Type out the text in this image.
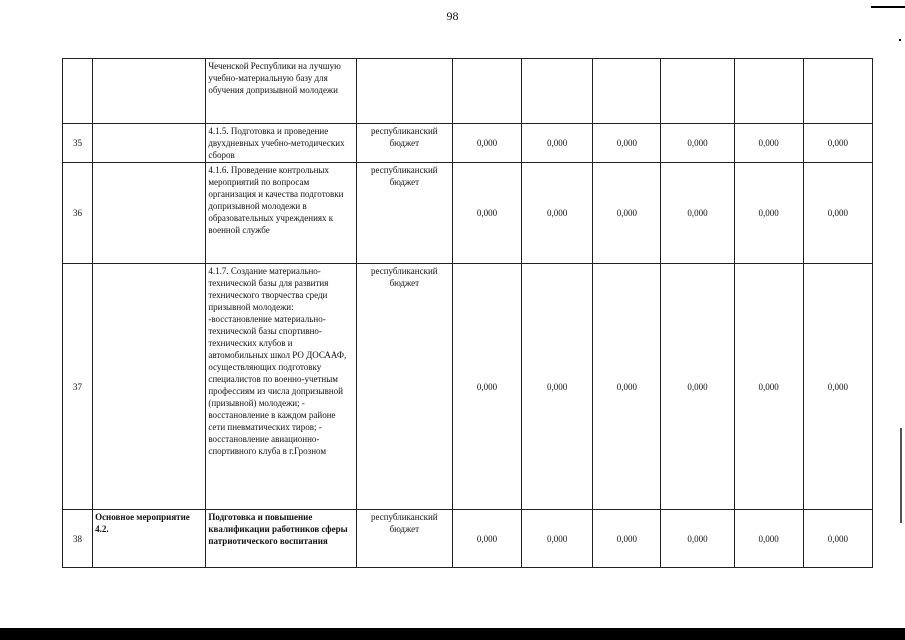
98
		Чеченской Республики на лучшую учебно-материальную базу для обучения допризывной молодежи							
35		4.1.5. Подготовка и проведение двухдневных учебно-методических сборов	республиканский бюджет	0,000	0,000	0,000	0,000	0,000	0,000
36		4.1.6. Проведение контрольных мероприятий по вопросам организация и качества подготовки допризывной молодежи в образовательных учреждениях к военной службе	республиканский бюджет	0,000	0,000	0,000	0,000	0,000	0,000
37		4.1.7. Создание материально-технической базы для развития технического творчества среди призывной молодежи: -восстановление материально-технической базы спортивно-технических клубов и автомобильных школ РО ДОСААФ, осуществляющих подготовку специалистов по военно-учетным профессиям из числа допризывной (призывной) молодежи; - восстановление в каждом районе сети пневматических тиров; - восстановление авиационно-спортивного клуба в г.Грозном	республиканский бюджет	0,000	0,000	0,000	0,000	0,000	0,000
38	Основное мероприятие 4.2.	Подготовка и повышение квалификации работников сферы патриотического воспитания	республиканский бюджет	0,000	0,000	0,000	0,000	0,000	0,000
